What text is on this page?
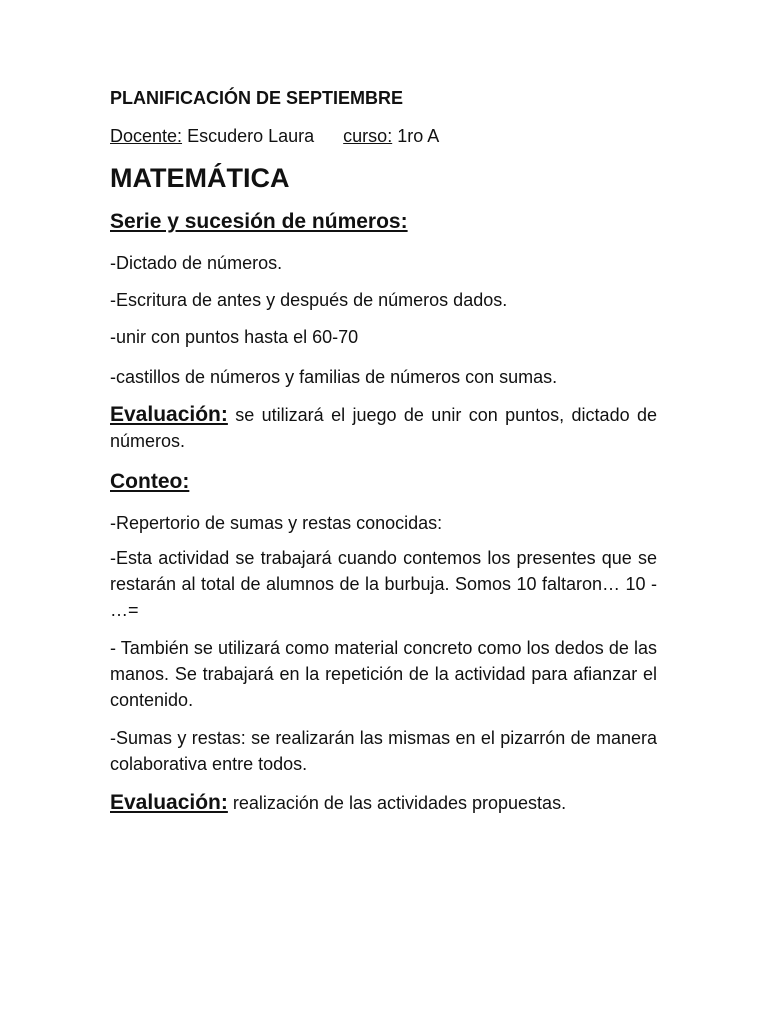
PLANIFICACIÓN DE SEPTIEMBRE
Docente: Escudero Laura curso: 1ro A
MATEMÁTICA
Serie y sucesión de números:
-Dictado de números.
-Escritura de antes y después de números dados.
-unir con puntos hasta el 60-70
-castillos de números y familias de números con sumas.
Evaluación: se utilizará el juego de unir con puntos, dictado de números.
Conteo:
-Repertorio de sumas y restas conocidas:
-Esta actividad se trabajará cuando contemos los presentes que se restarán al total de alumnos de la burbuja. Somos 10 faltaron… 10 - …=
- También se utilizará como material concreto como los dedos de las manos. Se trabajará en la repetición de la actividad para afianzar el contenido.
-Sumas y restas: se realizarán las mismas en el pizarrón de manera colaborativa entre todos.
Evaluación: realización de las actividades propuestas.
